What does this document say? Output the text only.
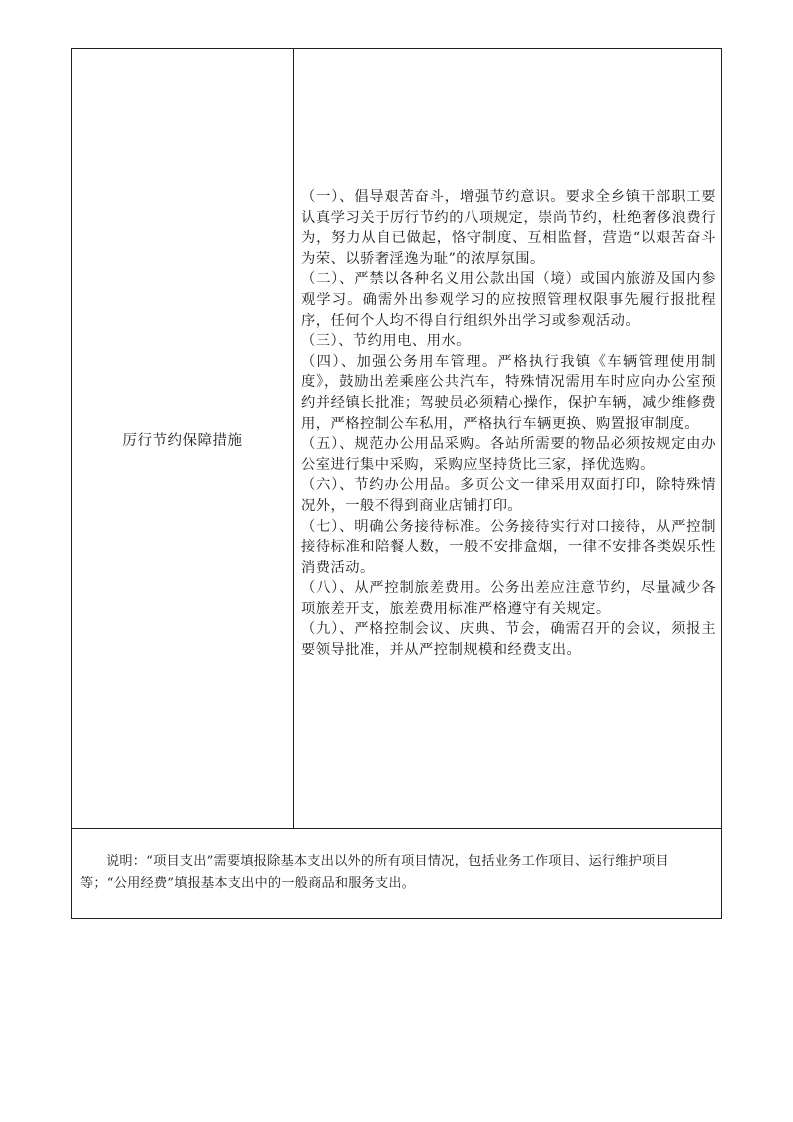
厉行节约保障措施

（一）、倡导艰苦奋斗，增强节约意识。要求全乡镇干部职工要认真学习关于厉行节约的八项规定，崇尚节约，杜绝奢侈浪费行为，努力从自已做起，恪守制度、互相监督，营造“以艰苦奋斗为荣、以骄奢淫逸为耻”的浓厚氛围。

（二）、严禁以各种名义用公款出国（境）或国内旅游及国内参观学习。确需外出参观学习的应按照管理权限事先履行报批程序，任何个人均不得自行组织外出学习或参观活动。

（三）、节约用电、用水。

（四）、加强公务用车管理。严格执行我镇《车辆管理使用制度》，鼓励出差乘座公共汽车，特殊情况需用车时应向办公室预约并经镇长批准；驾驶员必须精心操作，保护车辆，减少维修费用，严格控制公车私用，严格执行车辆更换、购置报审制度。

（五）、规范办公用品采购。各站所需要的物品必须按规定由办公室进行集中采购，采购应坚持货比三家，择优选购。

（六）、节约办公用品。多页公文一律采用双面打印，除特殊情况外，一般不得到商业店铺打印。

（七）、明确公务接待标准。公务接待实行对口接待，从严控制接待标准和陪餐人数，一般不安排盒烟，一律不安排各类娱乐性消费活动。

（八）、从严控制旅差费用。公务出差应注意节约，尽量减少各项旅差开支，旅差费用标准严格遵守有关规定。

（九）、严格控制会议、庆典、节会，确需召开的会议，须报主要领导批准，并从严控制规模和经费支出。

说明：“项目支出”需要填报除基本支出以外的所有项目情况，包括业务工作项目、运行维护项目等；“公用经费”填报基本支出中的一般商品和服务支出。
